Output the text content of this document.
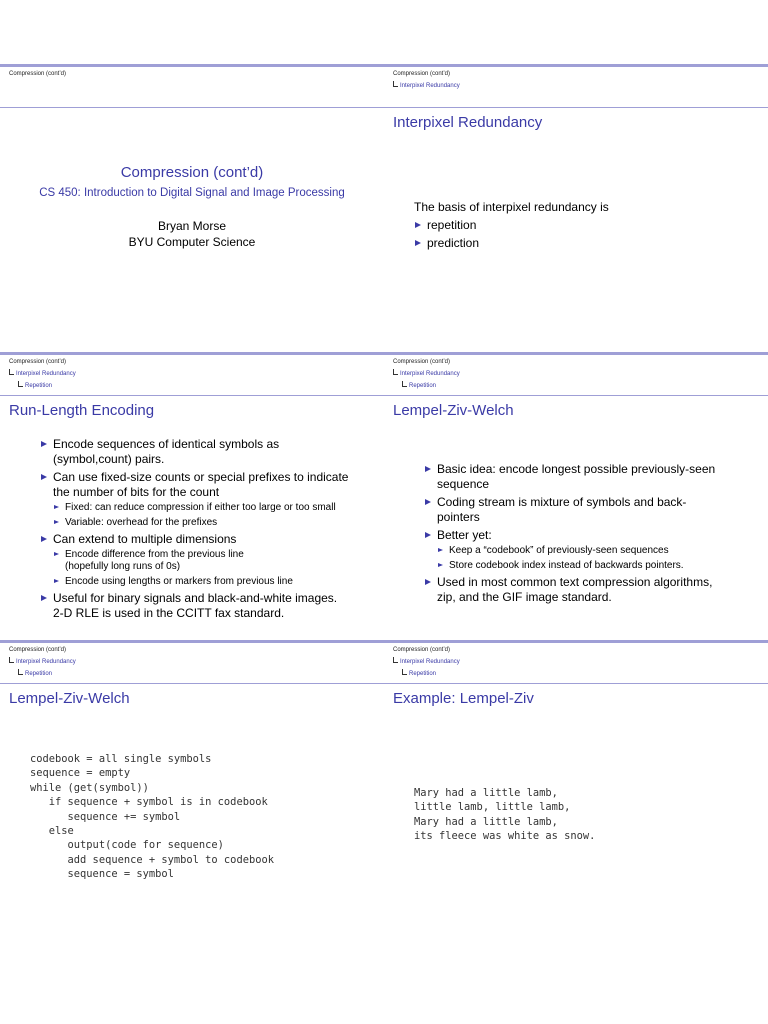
Compression (cont’d)
Compression (cont’d)
CS 450: Introduction to Digital Signal and Image Processing
Bryan Morse
BYU Computer Science
Compression (cont’d)
Interpixel Redundancy
Interpixel Redundancy
The basis of interpixel redundancy is
repetition
prediction
Compression (cont’d)
Interpixel Redundancy
Repetition
Run-Length Encoding
Encode sequences of identical symbols as (symbol,count) pairs.
Can use fixed-size counts or special prefixes to indicate the number of bits for the count
Fixed: can reduce compression if either too large or too small
Variable: overhead for the prefixes
Can extend to multiple dimensions
Encode difference from the previous line
(hopefully long runs of 0s)
Encode using lengths or markers from previous line
Useful for binary signals and black-and-white images.
2-D RLE is used in the CCITT fax standard.
Compression (cont’d)
Interpixel Redundancy
Repetition
Lempel-Ziv-Welch
Basic idea: encode longest possible previously-seen sequence
Coding stream is mixture of symbols and back-pointers
Better yet:
Keep a “codebook” of previously-seen sequences
Store codebook index instead of backwards pointers.
Used in most common text compression algorithms, zip, and the GIF image standard.
Compression (cont’d)
Interpixel Redundancy
Repetition
Lempel-Ziv-Welch
codebook = all single symbols
sequence = empty
while (get(symbol))
if sequence + symbol is in codebook
sequence += symbol
else
output(code for sequence)
add sequence + symbol to codebook
sequence = symbol
Compression (cont’d)
Interpixel Redundancy
Repetition
Example: Lempel-Ziv
Mary had a little lamb,
little lamb, little lamb,
Mary had a little lamb,
its fleece was white as snow.
